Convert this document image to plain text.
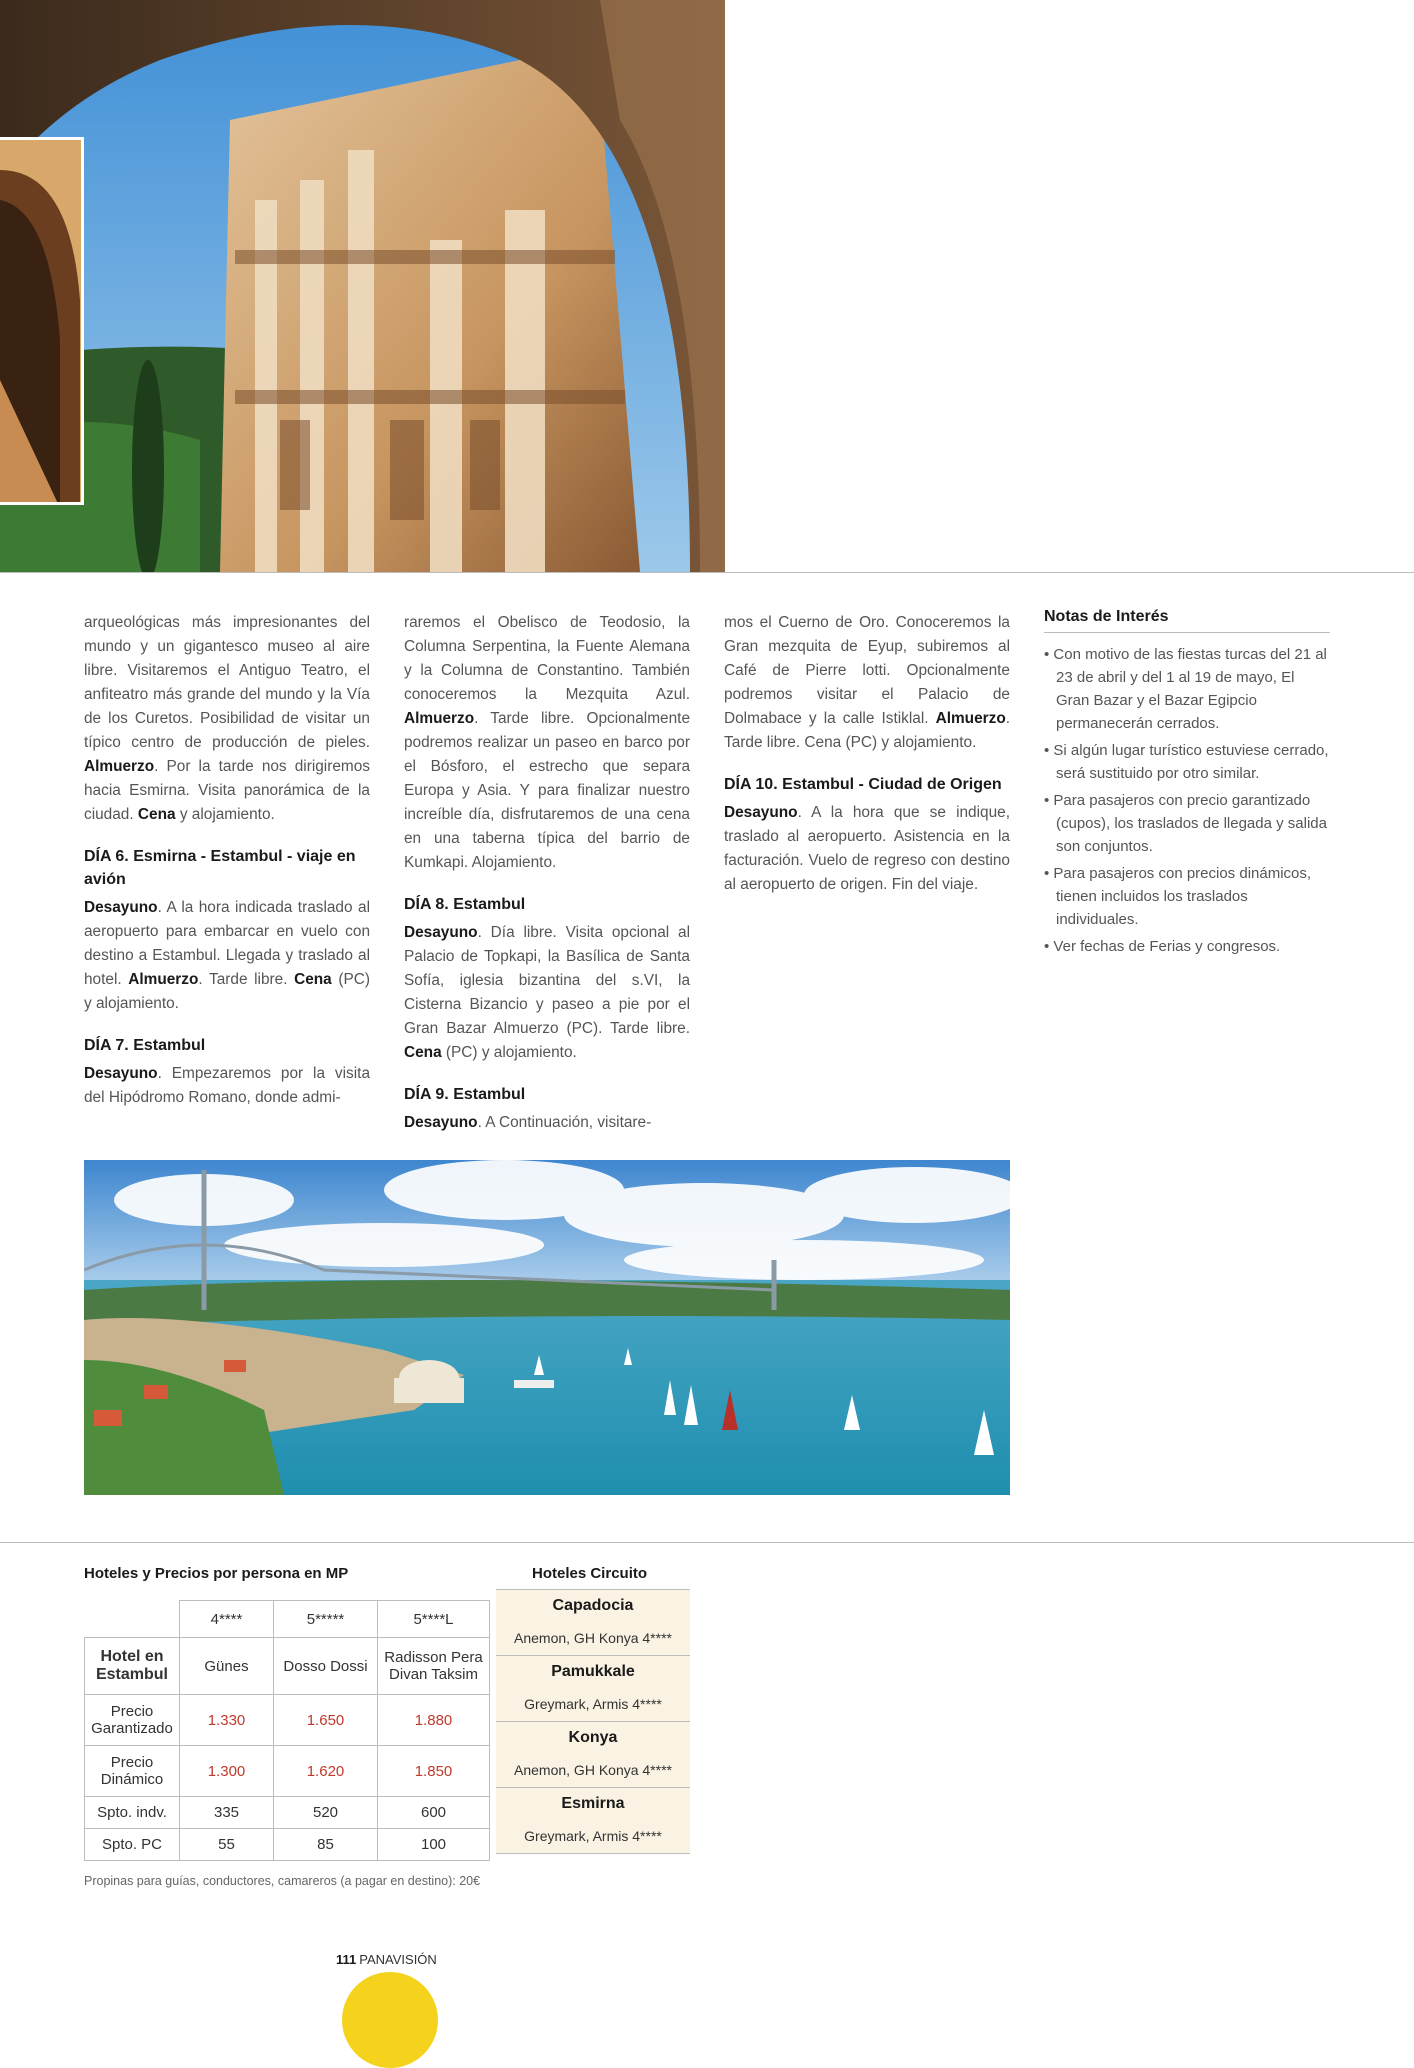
arqueológicas más impresionantes del mundo y un gigantesco museo al aire libre. Visitaremos el Antiguo Teatro, el anfiteatro más grande del mundo y la Vía de los Curetos. Posibilidad de visitar un típico centro de producción de pieles. Almuerzo. Por la tarde nos dirigiremos hacia Esmirna. Visita panorámica de la ciudad. Cena y alojamiento.

DÍA 6. Esmirna - Estambul - viaje en avión

Desayuno. A la hora indicada traslado al aeropuerto para embarcar en vuelo con destino a Estambul. Llegada y traslado al hotel. Almuerzo. Tarde libre. Cena (PC) y alojamiento.

DÍA 7. Estambul

Desayuno. Empezaremos por la visita del Hipódromo Romano, donde admi-

raremos el Obelisco de Teodosio, la Columna Serpentina, la Fuente Alemana y la Columna de Constantino. También conoceremos la Mezquita Azul. Almuerzo. Tarde libre. Opcionalmente podremos realizar un paseo en barco por el Bósforo, el estrecho que separa Europa y Asia. Y para finalizar nuestro increíble día, disfrutaremos de una cena en una taberna típica del barrio de Kumkapi. Alojamiento.

DÍA 8. Estambul

Desayuno. Día libre. Visita opcional al Palacio de Topkapi, la Basílica de Santa Sofía, iglesia bizantina del s.VI, la Cisterna Bizancio y paseo a pie por el Gran Bazar Almuerzo (PC). Tarde libre. Cena (PC) y alojamiento.

DÍA 9. Estambul

Desayuno. A Continuación, visitare-

mos el Cuerno de Oro. Conoceremos la Gran mezquita de Eyup, subiremos al Café de Pierre lotti. Opcionalmente podremos visitar el Palacio de Dolmabace y la calle Istiklal. Almuerzo. Tarde libre. Cena (PC) y alojamiento.

DÍA 10. Estambul - Ciudad de Origen

Desayuno. A la hora que se indique, traslado al aeropuerto. Asistencia en la facturación. Vuelo de regreso con destino al aeropuerto de origen. Fin del viaje.

Notas de Interés
• Con motivo de las fiestas turcas del 21 al 23 de abril y del 1 al 19 de mayo, El Gran Bazar y el Bazar Egipcio permanecerán cerrados.
• Si algún lugar turístico estuviese cerrado, será sustituido por otro similar.
• Para pasajeros con precio garantizado (cupos), los traslados de llegada y salida son conjuntos.
• Para pasajeros con precios dinámicos, tienen incluidos los traslados individuales.
• Ver fechas de Ferias y congresos.
Hoteles y Precios por persona en MP	Hoteles Circuito
	4****	5*****	5****L
Hotel en Estambul	Günes	Dosso Dossi	Radisson Pera Divan Taksim
Precio Garantizado	1.330	1.650	1.880
Precio Dinámico	1.300	1.620	1.850
Spto. indv.	335	520	600
Spto. PC	55	85	100
Capadocia
Anemon, GH Konya 4****
Pamukkale
Greymark, Armis 4****
Konya
Anemon, GH Konya 4****
Esmirna
Greymark, Armis 4****
Propinas para guías, conductores, camareros (a pagar en destino): 20€
111 PANAVISIÓN
